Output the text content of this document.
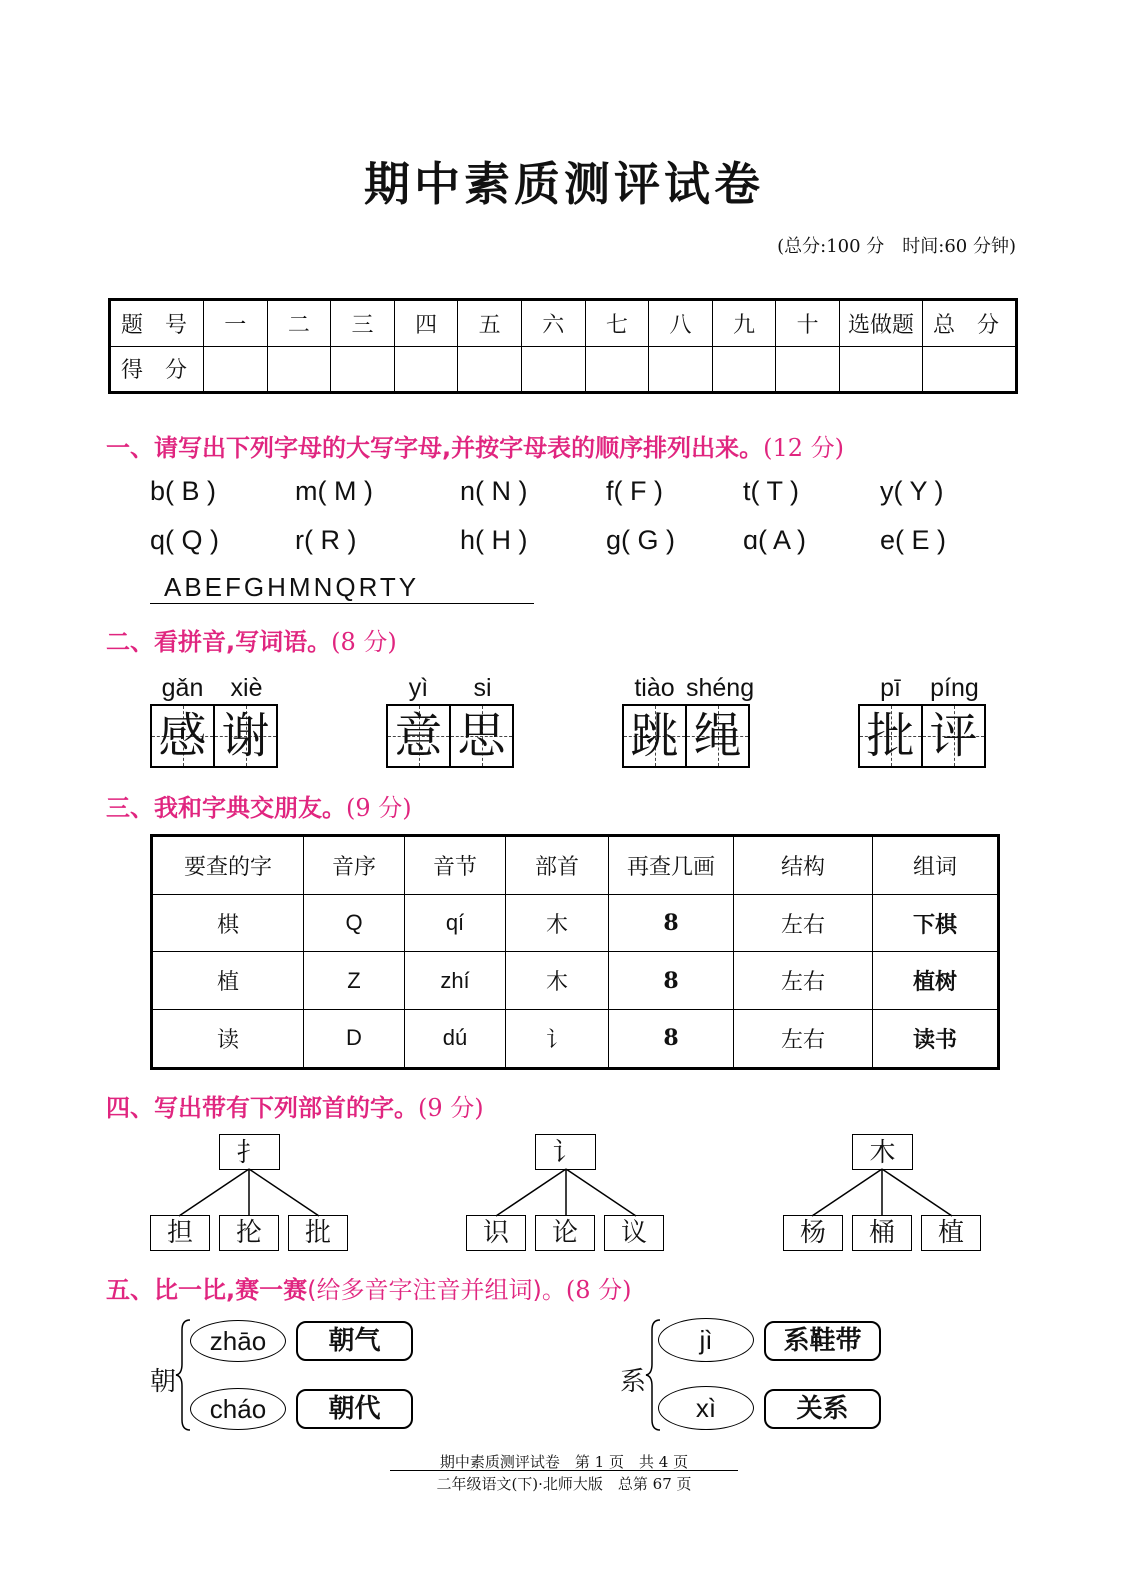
期中素质测评试卷
(总分:100 分　时间:60 分钟)
题　号	一	二	三	四	五	六	七	八	九	十	选做题	总　分
得　分												
一、请写出下列字母的大写字母,并按字母表的顺序排列出来。(12 分)
b( B )	m( M )	n( N )	f( F )	t( T )	y( Y )
q( Q )	r( R )	h( H )	g( G )	ɑ( A )	e( E )
ABEFGHMNQRTY
二、看拼音,写词语。(8 分)
gǎn	xiè
感 谢
yì	si
意 思
tiào shéng
跳 绳
pī	píng
批 评
三、我和字典交朋友。(9 分)
要查的字	音序	音节	部首	再查几画	结构	组词
棋	Q	qí	木	8	左右	下棋
植	Z	zhí	木	8	左右	植树
读	D	dú	讠	8	左右	读书
四、写出带有下列部首的字。(9 分)
扌
担	抡	批
讠
识	论	议
木
杨	桶	植
五、比一比,赛一赛(给多音字注音并组词)。(8 分)
朝
zhāo	朝气
cháo	朝代
系
jì	系鞋带
xì	关系
期中素质测评试卷　第 1 页　共 4 页
二年级语文(下)·北师大版　总第 67 页
